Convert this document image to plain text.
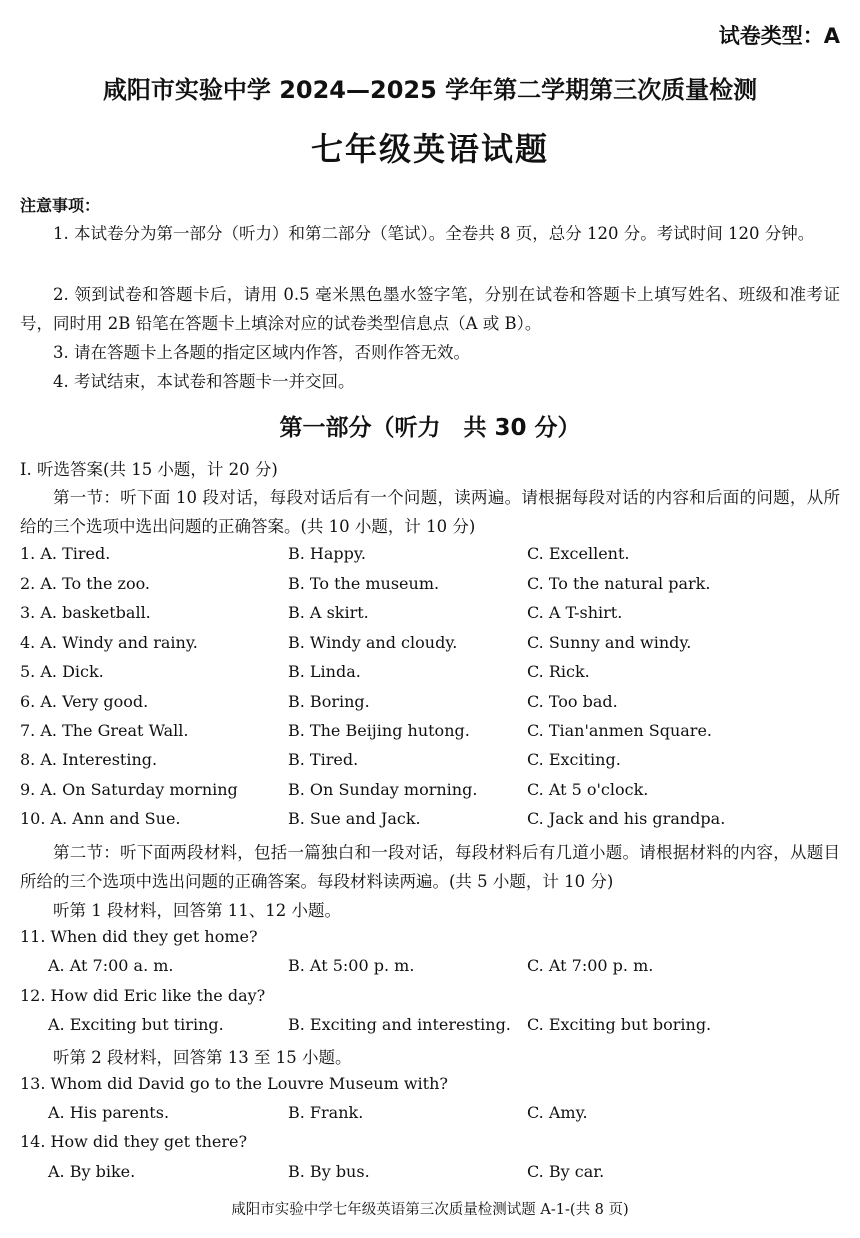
试卷类型：A
咸阳市实验中学 2024—2025 学年第二学期第三次质量检测
七年级英语试题
注意事项：
1. 本试卷分为第一部分（听力）和第二部分（笔试）。全卷共 8 页，总分 120 分。考试时间 120 分钟。
2. 领到试卷和答题卡后，请用 0.5 毫米黑色墨水签字笔，分别在试卷和答题卡上填写姓名、班级和准考证号，同时用 2B 铅笔在答题卡上填涂对应的试卷类型信息点（A 或 B）。
3. 请在答题卡上各题的指定区域内作答，否则作答无效。
4. 考试结束，本试卷和答题卡一并交回。
第一部分（听力　共 30 分）
Ⅰ. 听选答案(共 15 小题，计 20 分)
第一节：听下面 10 段对话，每段对话后有一个问题，读两遍。请根据每段对话的内容和后面的问题，从所给的三个选项中选出问题的正确答案。(共 10 小题，计 10 分)
1. A. Tired.	B. Happy.	C. Excellent.
2. A. To the zoo.	B. To the museum.	C. To the natural park.
3. A. basketball.	B. A skirt.	C. A T-shirt.
4. A. Windy and rainy.	B. Windy and cloudy.	C. Sunny and windy.
5. A. Dick.	B. Linda.	C. Rick.
6. A. Very good.	B. Boring.	C. Too bad.
7. A. The Great Wall.	B. The Beijing hutong.	C. Tian'anmen Square.
8. A. Interesting.	B. Tired.	C. Exciting.
9. A. On Saturday morning	B. On Sunday morning.	C. At 5 o'clock.
10. A. Ann and Sue.	B. Sue and Jack.	C. Jack and his grandpa.
第二节：听下面两段材料，包括一篇独白和一段对话，每段材料后有几道小题。请根据材料的内容，从题目所给的三个选项中选出问题的正确答案。每段材料读两遍。(共 5 小题，计 10 分)
听第 1 段材料，回答第 11、12 小题。
11. When did they get home?
A. At 7:00 a. m.	B. At 5:00 p. m.	C. At 7:00 p. m.
12. How did Eric like the day?
A. Exciting but tiring.	B. Exciting and interesting. C. Exciting but boring.
听第 2 段材料，回答第 13 至 15 小题。
13. Whom did David go to the Louvre Museum with?
A. His parents.	B. Frank.	C. Amy.
14. How did they get there?
A. By bike.	B. By bus.	C. By car.
咸阳市实验中学七年级英语第三次质量检测试题 A-1-(共 8 页)
